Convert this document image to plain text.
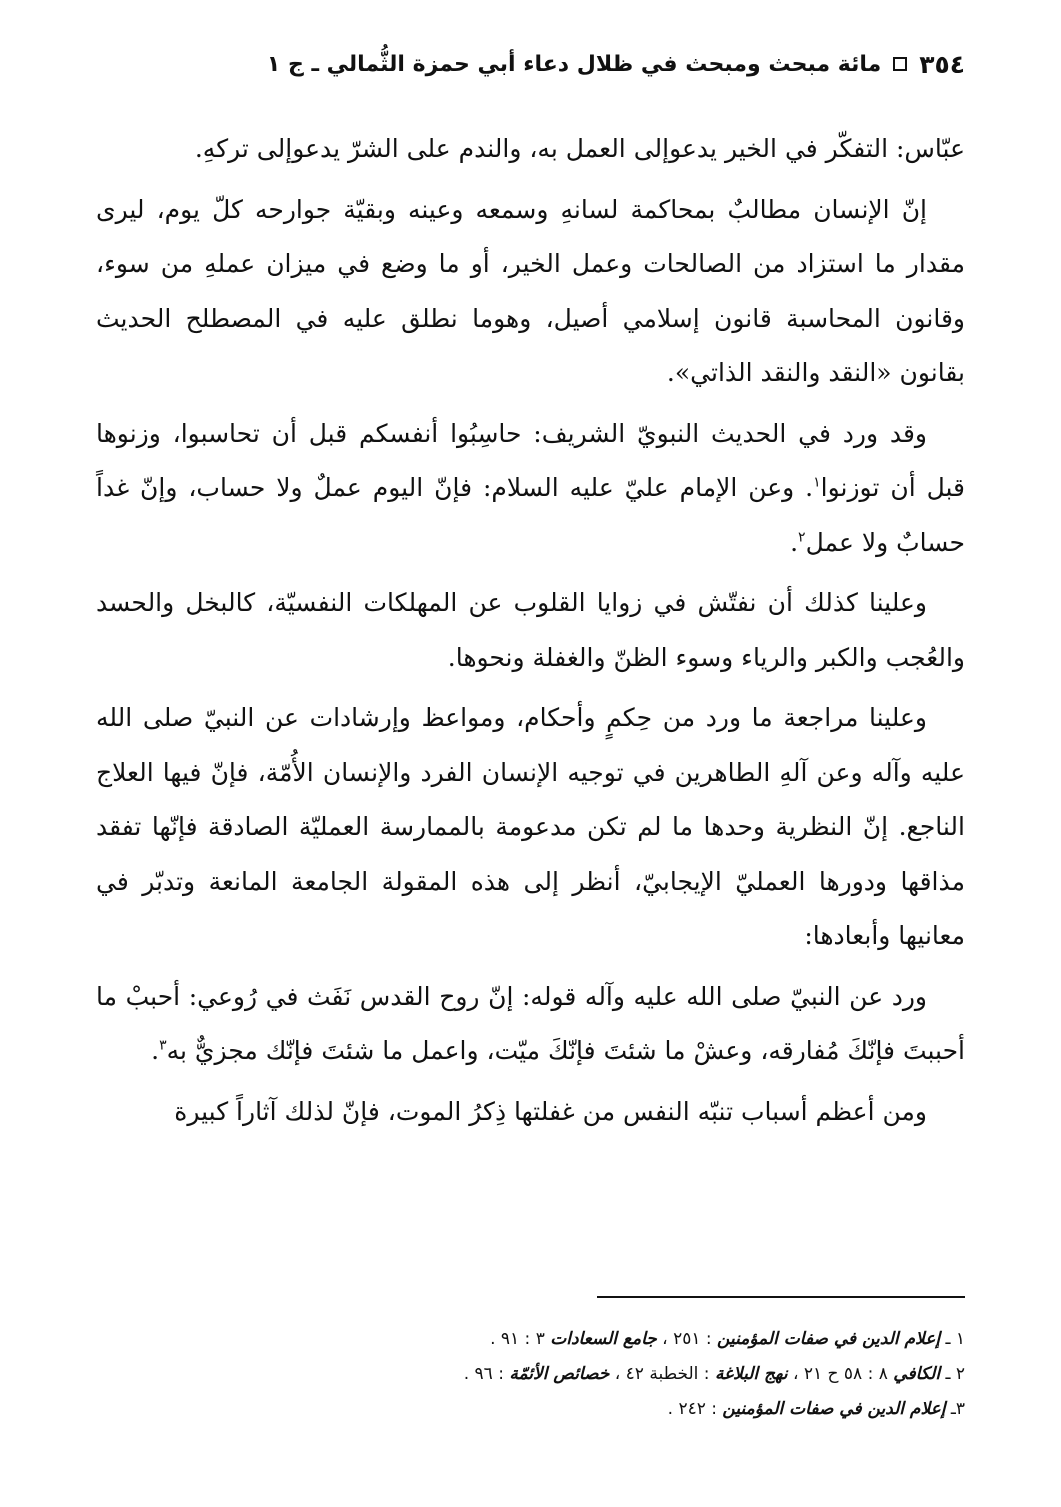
٣٥٤
مائة مبحث ومبحث في ظلال دعاء أبي حمزة الثُّمالي ـ ج ١

عبّاس: التفكّر في الخير يدعوإلى العمل به، والندم على الشرّ يدعوإلى تركهِ.

إنّ الإنسان مطالبٌ بمحاكمة لسانهِ وسمعه وعينه وبقيّة جوارحه كلّ يوم، ليرى مقدار ما استزاد من الصالحات وعمل الخير، أو ما وضع في ميزان عملهِ من سوء، وقانون المحاسبة قانون إسلامي أصيل، وهوما نطلق عليه في المصطلح الحديث بقانون «النقد والنقد الذاتي».

وقد ورد في الحديث النبويّ الشريف: حاسِبُوا أنفسكم قبل أن تحاسبوا، وزنوها قبل أن توزنوا$^١$. وعن الإمام عليّ عليه السلام: فإنّ اليوم عملٌ ولا حساب، وإنّ غداً حسابٌ ولا عمل$^٢$.

وعلينا كذلك أن نفتّش في زوايا القلوب عن المهلكات النفسيّة، كالبخل والحسد والعُجب والكبر والرياء وسوء الظنّ والغفلة ونحوها.

وعلينا مراجعة ما ورد من حِكمٍ وأحكام، ومواعظ وإرشادات عن النبيّ صلى الله عليه وآله وعن آلهِ الطاهرين في توجيه الإنسان الفرد والإنسان الأُمّة، فإنّ فيها العلاج الناجع. إنّ النظرية وحدها ما لم تكن مدعومة بالممارسة العمليّة الصادقة فإنّها تفقد مذاقها ودورها العمليّ الإيجابيّ، أنظر إلى هذه المقولة الجامعة المانعة وتدبّر في معانيها وأبعادها:

ورد عن النبيّ صلى الله عليه وآله قوله: إنّ روح القدس نَفَث في رُوعي: أحببْ ما أحببتَ فإنّكَ مُفارقه، وعشْ ما شئتَ فإنّكَ ميّت، واعمل ما شئتَ فإنّك مجزيٌّ به$^٣$.

ومن أعظم أسباب تنبّه النفس من غفلتها ذِكرُ الموت، فإنّ لذلك آثاراً كبيرة

١ ـ إعلام الدين في صفات المؤمنين : ٢٥١ ، جامع السعادات ٣ : ٩١ .
٢ ـ الكافي ٨ : ٥٨ ح ٢١ ، نهج البلاغة : الخطبة ٤٢ ، خصائص الأئمّة : ٩٦ .
٣ـ إعلام الدين في صفات المؤمنين : ٢٤٢ .
